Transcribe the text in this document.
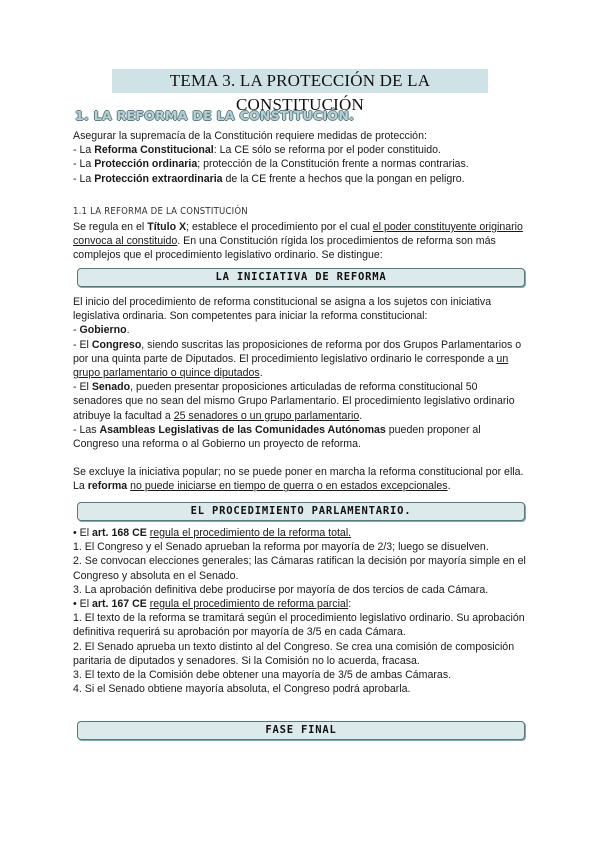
TEMA 3. LA PROTECCIÓN DE LA CONSTITUCIÓN
1. LA REFORMA DE LA CONSTITUCIÓN.

Asegurar la supremacía de la Constitución requiere medidas de protección:

- La Reforma Constitucional: La CE sólo se reforma por el poder constituido.

- La Protección ordinaria; protección de la Constitución frente a normas contrarias.

- La Protección extraordinaria de la CE frente a hechos que la pongan en peligro.

1.1 LA REFORMA DE LA CONSTITUCIÓN

Se regula en el Título X; establece el procedimiento por el cual el poder constituyente originario convoca al constituido. En una Constitución rígida los procedimientos de reforma son más complejos que el procedimiento legislativo ordinario. Se distingue:

LA INICIATIVA DE REFORMA

El inicio del procedimiento de reforma constitucional se asigna a los sujetos con iniciativa legislativa ordinaria. Son competentes para iniciar la reforma constitucional:

- Gobierno.

- El Congreso, siendo suscritas las proposiciones de reforma por dos Grupos Parlamentarios o por una quinta parte de Diputados. El procedimiento legislativo ordinario le corresponde a un grupo parlamentario o quince diputados.

- El Senado, pueden presentar proposiciones articuladas de reforma constitucional 50 senadores que no sean del mismo Grupo Parlamentario. El procedimiento legislativo ordinario atribuye la facultad a 25 senadores o un grupo parlamentario.

- Las Asambleas Legislativas de las Comunidades Autónomas pueden proponer al Congreso una reforma o al Gobierno un proyecto de reforma.

Se excluye la iniciativa popular; no se puede poner en marcha la reforma constitucional por ella. La reforma no puede iniciarse en tiempo de guerra o en estados excepcionales.

EL PROCEDIMIENTO PARLAMENTARIO.

• El art. 168 CE regula el procedimiento de la reforma total.

1. El Congreso y el Senado aprueban la reforma por mayoría de 2/3; luego se disuelven.

2. Se convocan elecciones generales; las Cámaras ratifican la decisión por mayoría simple en el Congreso y absoluta en el Senado.

3. La aprobación definitiva debe producirse por mayoría de dos tercios de cada Cámara.

• El art. 167 CE regula el procedimiento de reforma parcial:

1. El texto de la reforma se tramitará según el procedimiento legislativo ordinario. Su aprobación definitiva requerirá su aprobación por mayoría de 3/5 en cada Cámara.

2. El Senado aprueba un texto distinto al del Congreso. Se crea una comisión de composición paritaria de diputados y senadores. Si la Comisión no lo acuerda, fracasa.

3. El texto de la Comisión debe obtener una mayoría de 3/5 de ambas Cámaras.

4. Si el Senado obtiene mayoría absoluta, el Congreso podrá aprobarla.

FASE FINAL
